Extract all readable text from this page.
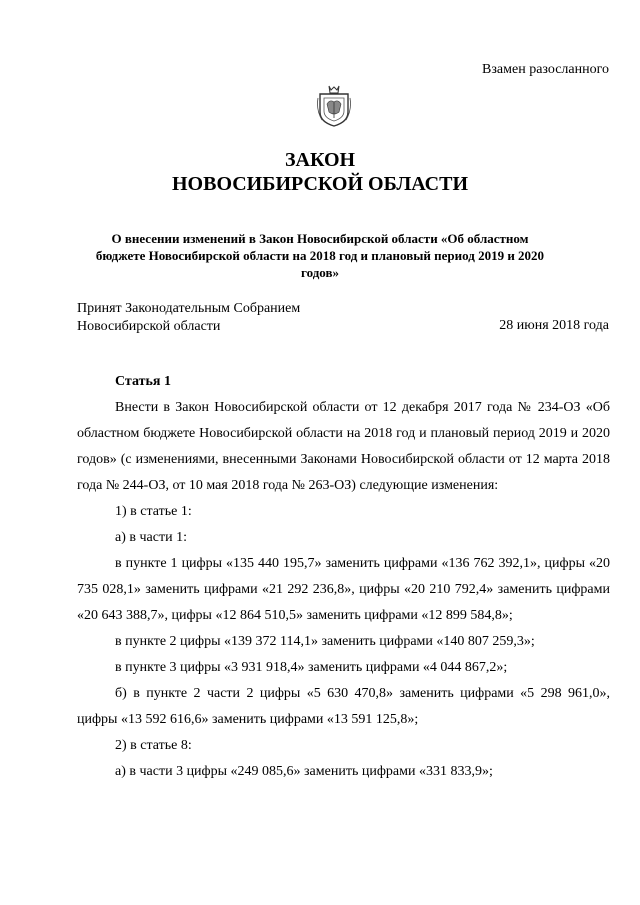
Взамен разосланного
ЗАКОН
НОВОСИБИРСКОЙ ОБЛАСТИ
О внесении изменений в Закон Новосибирской области «Об областном бюджете Новосибирской области на 2018 год и плановый период 2019 и 2020 годов»
Принят Законодательным Собранием
Новосибирской области	28 июня 2018 года

Статья 1

Внести в Закон Новосибирской области от 12 декабря 2017 года № 234-ОЗ «Об областном бюджете Новосибирской области на 2018 год и плановый период 2019 и 2020 годов» (с изменениями, внесенными Законами Новосибирской области от 12 марта 2018 года № 244-ОЗ, от 10 мая 2018 года № 263-ОЗ) следующие изменения:

1) в статье 1:

а) в части 1:

в пункте 1 цифры «135 440 195,7» заменить цифрами «136 762 392,1», цифры «20 735 028,1» заменить цифрами «21 292 236,8», цифры «20 210 792,4» заменить цифрами «20 643 388,7», цифры «12 864 510,5» заменить цифрами «12 899 584,8»;

в пункте 2 цифры «139 372 114,1» заменить цифрами «140 807 259,3»;

в пункте 3 цифры «3 931 918,4» заменить цифрами «4 044 867,2»;

б) в пункте 2 части 2 цифры «5 630 470,8» заменить цифрами «5 298 961,0», цифры «13 592 616,6» заменить цифрами «13 591 125,8»;

2) в статье 8:

а) в части 3 цифры «249 085,6» заменить цифрами «331 833,9»;
